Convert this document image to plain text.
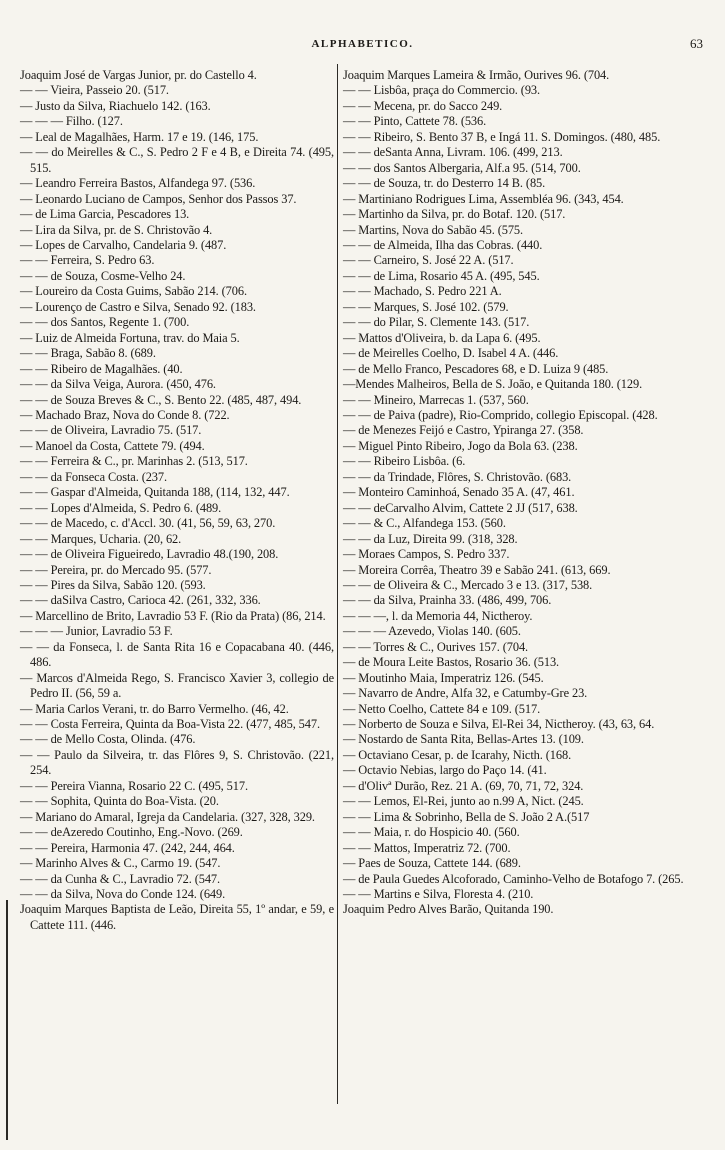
ALPHABETICO.	63
Joaquim José de Vargas Junior, pr. do Castello 4.
— — Vieira, Passeio 20. (517.
— Justo da Silva, Riachuelo 142. (163.
— — — Filho. (127.
— Leal de Magalhães, Harm. 17 e 19. (146, 175.
— — do Meirelles & C., S. Pedro 2 F e 4 B, e Direita 74. (495, 515.
— Leandro Ferreira Bastos, Alfandega 97. (536.
— Leonardo Luciano de Campos, Senhor dos Passos 37.
— de Lima Garcia, Pescadores 13.
— Lira da Silva, pr. de S. Christovão 4.
— Lopes de Carvalho, Candelaria 9. (487.
— — Ferreira, S. Pedro 63.
— — de Souza, Cosme-Velho 24.
— Loureiro da Costa Guims, Sabão 214. (706.
— Lourenço de Castro e Silva, Senado 92. (183.
— — dos Santos, Regente 1. (700.
— Luiz de Almeida Fortuna, trav. do Maia 5.
— — Braga, Sabão 8. (689.
— — Ribeiro de Magalhães. (40.
— — da Silva Veiga, Aurora. (450, 476.
— — de Souza Breves & C., S. Bento 22. (485, 487, 494.
— Machado Braz, Nova do Conde 8. (722.
— — de Oliveira, Lavradio 75. (517.
— Manoel da Costa, Cattete 79. (494.
— — Ferreira & C., pr. Marinhas 2. (513, 517.
— — da Fonseca Costa. (237.
— — Gaspar d'Almeida, Quitanda 188, (114, 132, 447.
— — Lopes d'Almeida, S. Pedro 6. (489.
— — de Macedo, c. d'Accl. 30. (41, 56, 59, 63, 270.
— — Marques, Ucharia. (20, 62.
— — de Oliveira Figueiredo, Lavradio 48.(190, 208.
— — Pereira, pr. do Mercado 95. (577.
— — Pires da Silva, Sabão 120. (593.
— — daSilva Castro, Carioca 42. (261, 332, 336.
— Marcellino de Brito, Lavradio 53 F. (Rio da Prata) (86, 214.
— — — Junior, Lavradio 53 F.
— — da Fonseca, l. de Santa Rita 16 e Copacabana 40. (446, 486.
— Marcos d'Almeida Rego, S. Francisco Xavier 3, collegio de Pedro II. (56, 59 a.
— Maria Carlos Verani, tr. do Barro Vermelho. (46, 42.
— — Costa Ferreira, Quinta da Boa-Vista 22. (477, 485, 547.
— — de Mello Costa, Olinda. (476.
— — Paulo da Silveira, tr. das Flôres 9, S. Christovão. (221, 254.
— — Pereira Vianna, Rosario 22 C. (495, 517.
— — Sophita, Quinta do Boa-Vista. (20.
— Mariano do Amaral, Igreja da Candelaria. (327, 328, 329.
— — deAzeredo Coutinho, Eng.-Novo. (269.
— — Pereira, Harmonia 47. (242, 244, 464.
— Marinho Alves & C., Carmo 19. (547.
— — da Cunha & C., Lavradio 72. (547.
— — da Silva, Nova do Conde 124. (649.
Joaquim Marques Baptista de Leão, Direita 55, 1º andar, e 59, e Cattete 111. (446.
Joaquim Marques Lameira & Irmão, Ourives 96. (704.
— — Lisbôa, praça do Commercio. (93.
— — Mecena, pr. do Sacco 249.
— — Pinto, Cattete 78. (536.
— — Ribeiro, S. Bento 37 B, e Ingá 11. S. Domingos. (480, 485.
— — deSanta Anna, Livram. 106. (499, 213.
— — dos Santos Albergaria, Alf.a 95. (514, 700.
— — de Souza, tr. do Desterro 14 B. (85.
— Martiniano Rodrigues Lima, Assembléa 96. (343, 454.
— Martinho da Silva, pr. do Botaf. 120. (517.
— Martins, Nova do Sabão 45. (575.
— — de Almeida, Ilha das Cobras. (440.
— — Carneiro, S. José 22 A. (517.
— — de Lima, Rosario 45 A. (495, 545.
— — Machado, S. Pedro 221 A.
— — Marques, S. José 102. (579.
— — do Pilar, S. Clemente 143. (517.
— Mattos d'Oliveira, b. da Lapa 6. (495.
— de Meirelles Coelho, D. Isabel 4 A. (446.
— de Mello Franco, Pescadores 68, e D. Luiza 9 (485.
—Mendes Malheiros, Bella de S. João, e Quitanda 180. (129.
— — Mineiro, Marrecas 1. (537, 560.
— — de Paiva (padre), Rio-Comprido, collegio Episcopal. (428.
— de Menezes Feijó e Castro, Ypiranga 27. (358.
— Miguel Pinto Ribeiro, Jogo da Bola 63. (238.
— — Ribeiro Lisbôa. (6.
— — da Trindade, Flôres, S. Christovão. (683.
— Monteiro Caminhoá, Senado 35 A. (47, 461.
— — deCarvalho Alvim, Cattete 2 JJ (517, 638.
— — & C., Alfandega 153. (560.
— — da Luz, Direita 99. (318, 328.
— Moraes Campos, S. Pedro 337.
— Moreira Corrêa, Theatro 39 e Sabão 241. (613, 669.
— — de Oliveira & C., Mercado 3 e 13. (317, 538.
— — da Silva, Prainha 33. (486, 499, 706.
— — —, l. da Memoria 44, Nictheroy.
— — — Azevedo, Violas 140. (605.
— — Torres & C., Ourives 157. (704.
— de Moura Leite Bastos, Rosario 36. (513.
— Moutinho Maia, Imperatriz 126. (545.
— Navarro de Andre, Alfa 32, e Catumby-Gre 23.
— Netto Coelho, Cattete 84 e 109. (517.
— Norberto de Souza e Silva, El-Rei 34, Nictheroy. (43, 63, 64.
— Nostardo de Santa Rita, Bellas-Artes 13. (109.
— Octaviano Cesar, p. de Icarahy, Nicth. (168.
— Octavio Nebias, largo do Paço 14. (41.
— d'Olivª Durão, Rez. 21 A. (69, 70, 71, 72, 324.
— — Lemos, El-Rei, junto ao n.99 A, Nict. (245.
— — Lima & Sobrinho, Bella de S. João 2 A.(517
— — Maia, r. do Hospicio 40. (560.
— — Mattos, Imperatriz 72. (700.
— Paes de Souza, Cattete 144. (689.
— de Paula Guedes Alcoforado, Caminho-Velho de Botafogo 7. (265.
— — Martins e Silva, Floresta 4. (210.
Joaquim Pedro Alves Barão, Quitanda 190.
